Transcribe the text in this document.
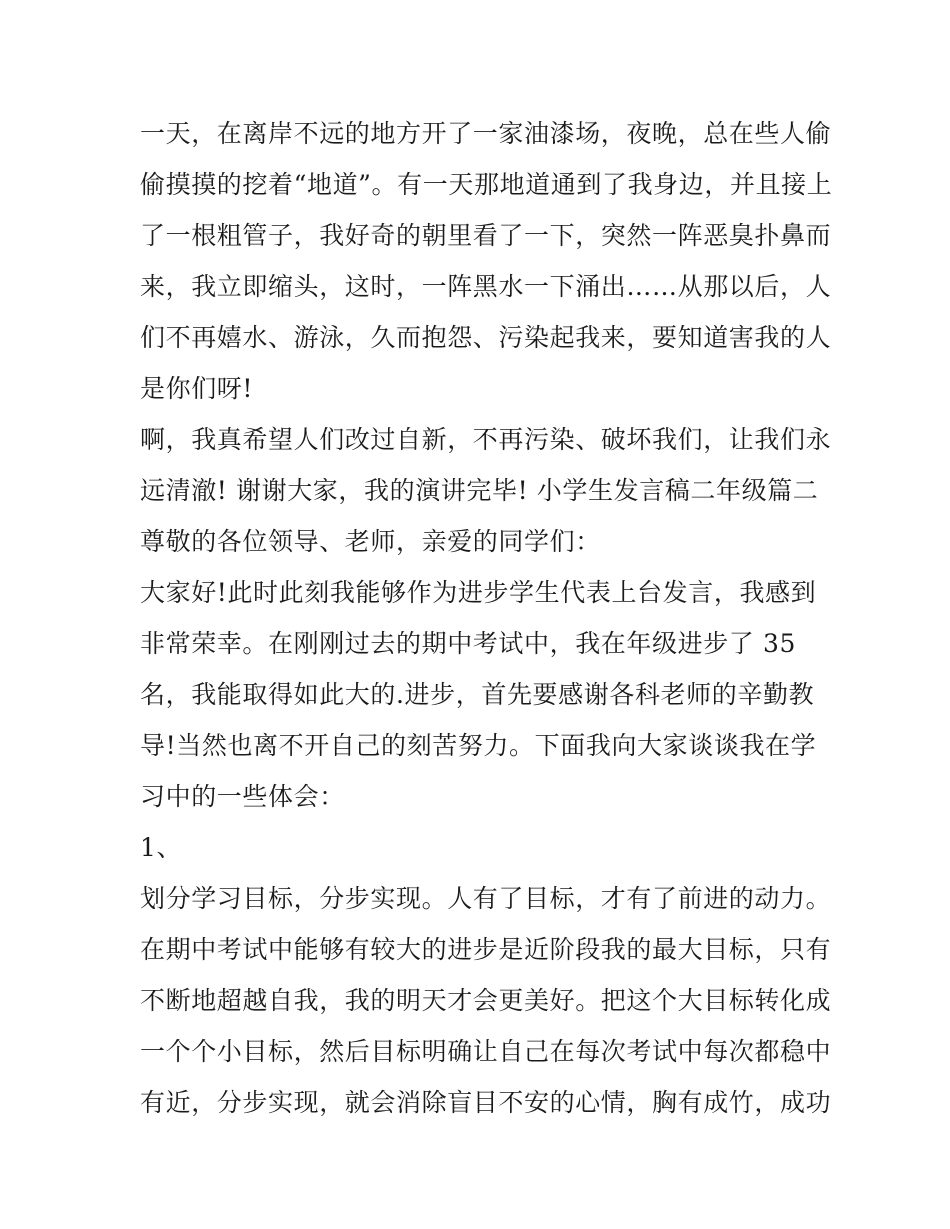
一天，在离岸不远的地方开了一家油漆场，夜晚，总在些人偷
偷摸摸的挖着“地道”。有一天那地道通到了我身边，并且接上
了一根粗管子，我好奇的朝里看了一下，突然一阵恶臭扑鼻而
来，我立即缩头，这时，一阵黑水一下涌出……从那以后，人
们不再嬉水、游泳，久而抱怨、污染起我来，要知道害我的人
是你们呀!
啊，我真希望人们改过自新，不再污染、破坏我们，让我们永
远清澈! 谢谢大家，我的演讲完毕! 小学生发言稿二年级篇二
尊敬的各位领导、老师，亲爱的同学们：
大家好!此时此刻我能够作为进步学生代表上台发言，我感到
非常荣幸。在刚刚过去的期中考试中，我在年级进步了 35
名，我能取得如此大的.进步，首先要感谢各科老师的辛勤教
导!当然也离不开自己的刻苦努力。下面我向大家谈谈我在学
习中的一些体会：
1、
划分学习目标，分步实现。人有了目标，才有了前进的动力。
在期中考试中能够有较大的进步是近阶段我的最大目标，只有
不断地超越自我，我的明天才会更美好。把这个大目标转化成
一个个小目标，然后目标明确让自己在每次考试中每次都稳中
有近，分步实现，就会消除盲目不安的心情，胸有成竹，成功
